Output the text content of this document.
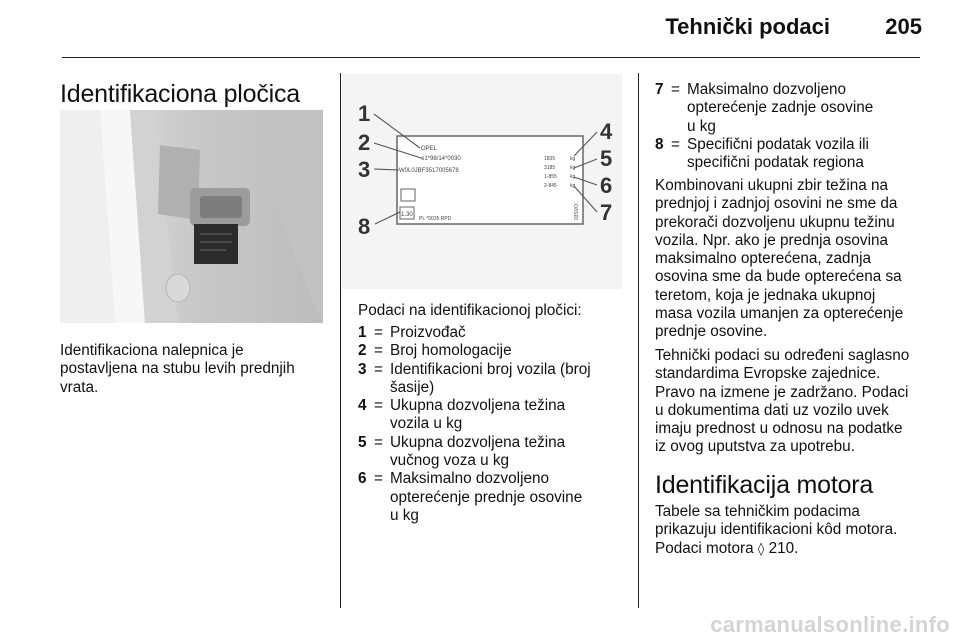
Tehnički podaci	205
Identifikaciona pločica
Identifikaciona nalepnica je
postavljena na stubu levih prednjih
vrata.
OPEL
e1*98/14*0030
W0L0JBF3517005678
1835
3185
1-855
2-845
kg
kg
kg
kg
1.30
PL *0035 RPD	03SVO
1
2
3
8
4
5
6
7
Podaci na identifikacionoj pločici:
1 = Proizvođač
2 = Broj homologacije
3 = Identifikacioni broj vozila (broj
šasije)
4 = Ukupna dozvoljena težina
vozila u kg
5 = Ukupna dozvoljena težina
vučnog voza u kg
6 = Maksimalno dozvoljeno
opterećenje prednje osovine
u kg
7 = Maksimalno dozvoljeno
opterećenje zadnje osovine
u kg
8 = Specifični podatak vozila ili
specifični podatak regiona
Kombinovani ukupni zbir težina na
prednjoj i zadnjoj osovini ne sme da
prekorači dozvoljenu ukupnu težinu
vozila. Npr. ako je prednja osovina
maksimalno opterećena, zadnja
osovina sme da bude opterećena sa
teretom, koja je jednaka ukupnoj
masa vozila umanjen za opterećenje
prednje osovine.
Tehnički podaci su određeni saglasno
standardima Evropske zajednice.
Pravo na izmene je zadržano. Podaci
u dokumentima dati uz vozilo uvek
imaju prednost u odnosu na podatke
iz ovog uputstva za upotrebu.
Identifikacija motora
Tabele sa tehničkim podacima
prikazuju identifikacioni kôd motora.
Podaci motora ◊ 210.
carmanualsonline.info
